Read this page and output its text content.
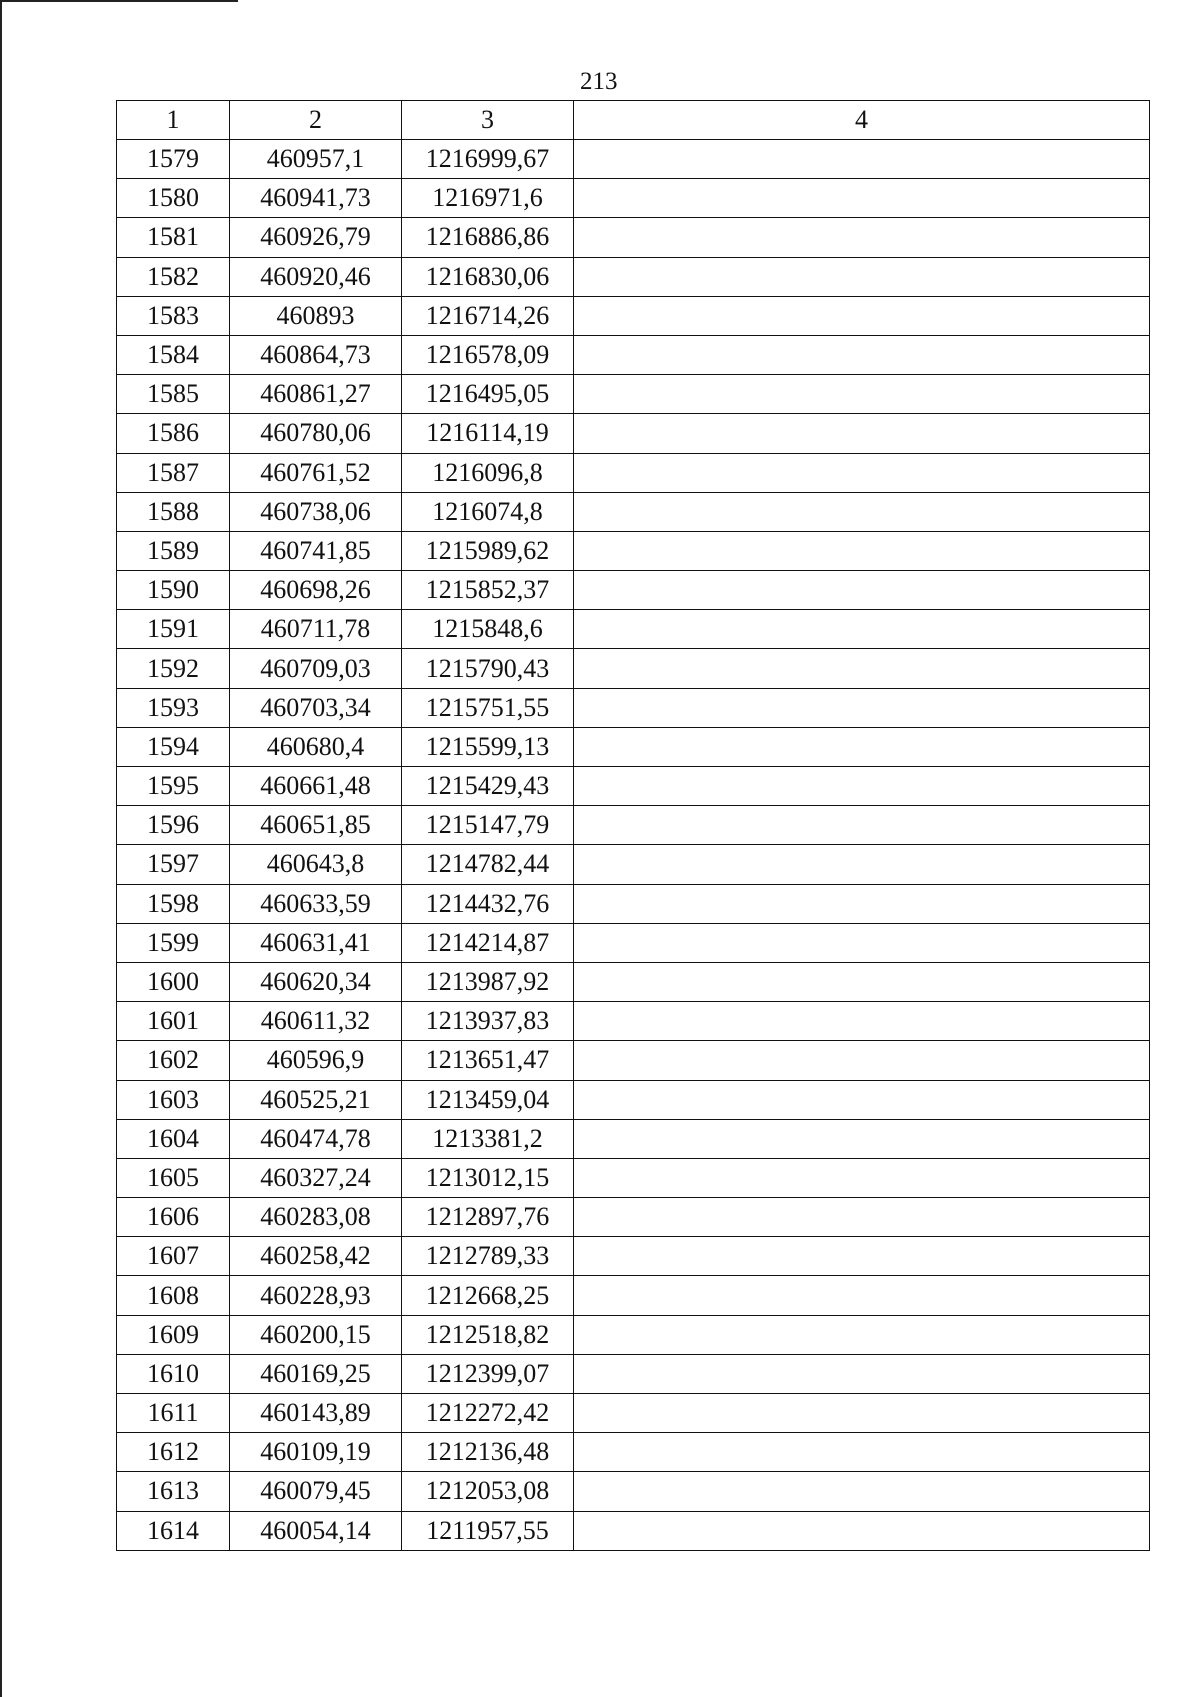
213
1	2	3	4
1579	460957,1	1216999,67	
1580	460941,73	1216971,6	
1581	460926,79	1216886,86	
1582	460920,46	1216830,06	
1583	460893	1216714,26	
1584	460864,73	1216578,09	
1585	460861,27	1216495,05	
1586	460780,06	1216114,19	
1587	460761,52	1216096,8	
1588	460738,06	1216074,8	
1589	460741,85	1215989,62	
1590	460698,26	1215852,37	
1591	460711,78	1215848,6	
1592	460709,03	1215790,43	
1593	460703,34	1215751,55	
1594	460680,4	1215599,13	
1595	460661,48	1215429,43	
1596	460651,85	1215147,79	
1597	460643,8	1214782,44	
1598	460633,59	1214432,76	
1599	460631,41	1214214,87	
1600	460620,34	1213987,92	
1601	460611,32	1213937,83	
1602	460596,9	1213651,47	
1603	460525,21	1213459,04	
1604	460474,78	1213381,2	
1605	460327,24	1213012,15	
1606	460283,08	1212897,76	
1607	460258,42	1212789,33	
1608	460228,93	1212668,25	
1609	460200,15	1212518,82	
1610	460169,25	1212399,07	
1611	460143,89	1212272,42	
1612	460109,19	1212136,48	
1613	460079,45	1212053,08	
1614	460054,14	1211957,55	
